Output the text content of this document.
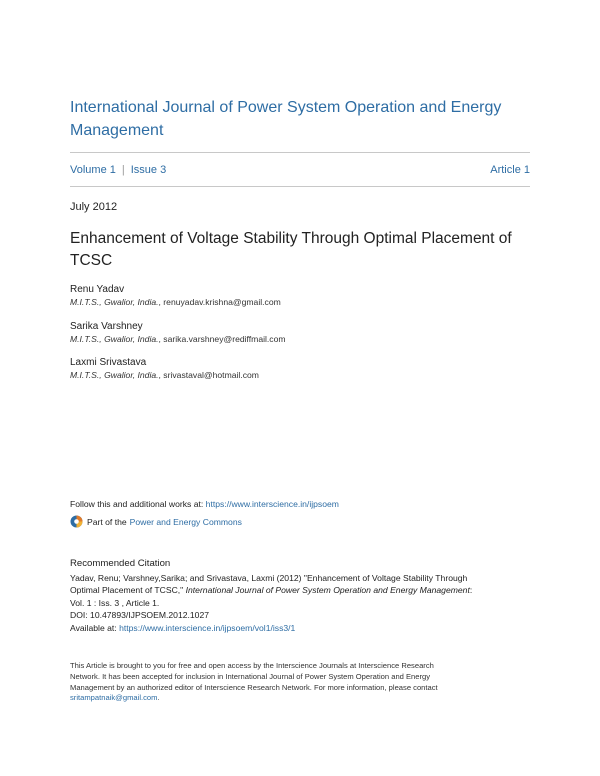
International Journal of Power System Operation and Energy
Management
Volume 1 | Issue 3	Article 1
July 2012
Enhancement of Voltage Stability Through Optimal Placement of
TCSC
Renu Yadav
M.I.T.S., Gwalior, India., renuyadav.krishna@gmail.com
Sarika Varshney
M.I.T.S., Gwalior, India., sarika.varshney@rediffmail.com
Laxmi Srivastava
M.I.T.S., Gwalior, India., srivastaval@hotmail.com
Follow this and additional works at: https://www.interscience.in/ijpsoem
Part of the Power and Energy Commons
Recommended Citation
Yadav, Renu; Varshney,Sarika; and Srivastava, Laxmi (2012) "Enhancement of Voltage Stability Through
Optimal Placement of TCSC," International Journal of Power System Operation and Energy Management:
Vol. 1 : Iss. 3 , Article 1.
DOI: 10.47893/IJPSOEM.2012.1027
Available at: https://www.interscience.in/ijpsoem/vol1/iss3/1
This Article is brought to you for free and open access by the Interscience Journals at Interscience Research
Network. It has been accepted for inclusion in International Journal of Power System Operation and Energy
Management by an authorized editor of Interscience Research Network. For more information, please contact
sritampatnaik@gmail.com.
